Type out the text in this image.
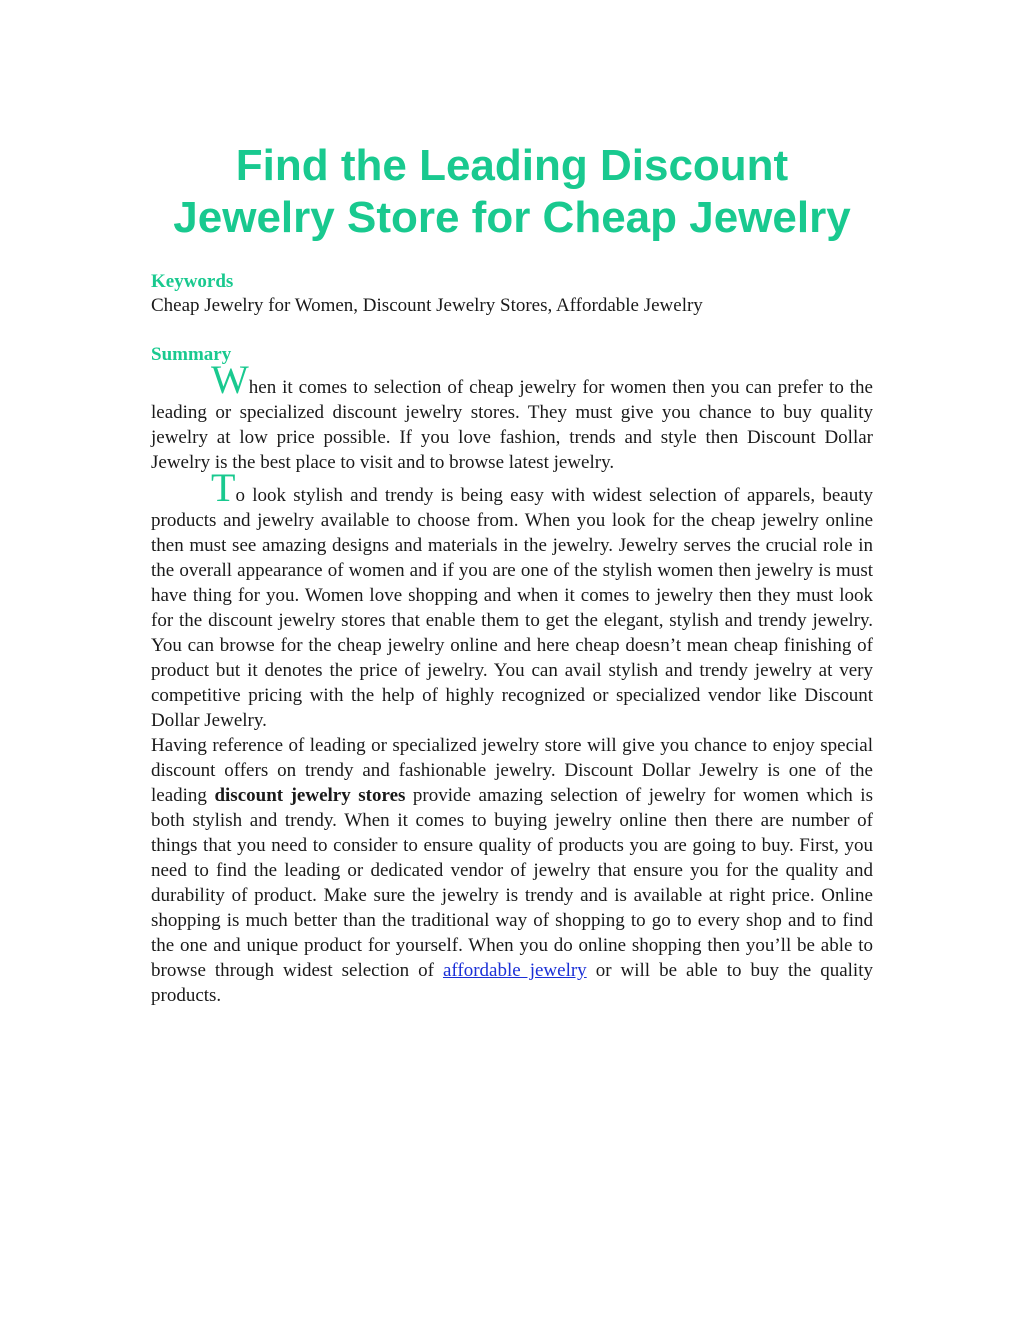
Find the Leading Discount
Jewelry Store for Cheap Jewelry
Keywords
Cheap Jewelry for Women, Discount Jewelry Stores, Affordable Jewelry
Summary

When it comes to selection of cheap jewelry for women then you can prefer to the leading or specialized discount jewelry stores. They must give you chance to buy quality jewelry at low price possible. If you love fashion, trends and style then Discount Dollar Jewelry is the best place to visit and to browse latest jewelry.

To look stylish and trendy is being easy with widest selection of apparels, beauty products and jewelry available to choose from. When you look for the cheap jewelry online then must see amazing designs and materials in the jewelry. Jewelry serves the crucial role in the overall appearance of women and if you are one of the stylish women then jewelry is must have thing for you. Women love shopping and when it comes to jewelry then they must look for the discount jewelry stores that enable them to get the elegant, stylish and trendy jewelry. You can browse for the cheap jewelry online and here cheap doesn’t mean cheap finishing of product but it denotes the price of jewelry. You can avail stylish and trendy jewelry at very competitive pricing with the help of highly recognized or specialized vendor like Discount Dollar Jewelry.

Having reference of leading or specialized jewelry store will give you chance to enjoy special discount offers on trendy and fashionable jewelry. Discount Dollar Jewelry is one of the leading discount jewelry stores provide amazing selection of jewelry for women which is both stylish and trendy. When it comes to buying jewelry online then there are number of things that you need to consider to ensure quality of products you are going to buy. First, you need to find the leading or dedicated vendor of jewelry that ensure you for the quality and durability of product. Make sure the jewelry is trendy and is available at right price. Online shopping is much better than the traditional way of shopping to go to every shop and to find the one and unique product for yourself. When you do online shopping then you’ll be able to browse through widest selection of affordable jewelry or will be able to buy the quality products.
